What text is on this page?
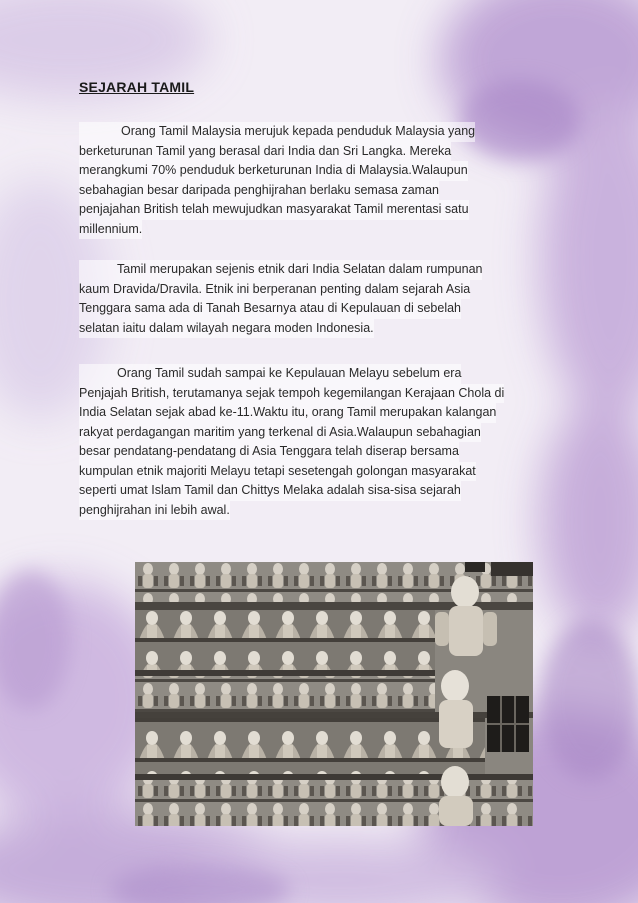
SEJARAH TAMIL

Orang Tamil Malaysia merujuk kepada penduduk Malaysia yang
berketurunan Tamil yang berasal dari India dan Sri Langka. Mereka
merangkumi 70% penduduk berketurunan India di Malaysia.Walaupun
sebahagian besar daripada penghijrahan berlaku semasa zaman
penjajahan British telah mewujudkan masyarakat Tamil merentasi satu
millennium.

Tamil merupakan sejenis etnik dari India Selatan dalam rumpunan
kaum Dravida/Dravila. Etnik ini berperanan penting dalam sejarah Asia
Tenggara sama ada di Tanah Besarnya atau di Kepulauan di sebelah
selatan iaitu dalam wilayah negara moden Indonesia.

Orang Tamil sudah sampai ke Kepulauan Melayu sebelum era
Penjajah British, terutamanya sejak tempoh kegemilangan Kerajaan Chola di
India Selatan sejak abad ke-11.Waktu itu, orang Tamil merupakan kalangan
rakyat perdagangan maritim yang terkenal di Asia.Walaupun sebahagian
besar pendatang-pendatang di Asia Tenggara telah diserap bersama
kumpulan etnik majoriti Melayu tetapi sesetengah golongan masyarakat
seperti umat Islam Tamil dan Chittys Melaka adalah sisa-sisa sejarah
penghijrahan ini lebih awal.
